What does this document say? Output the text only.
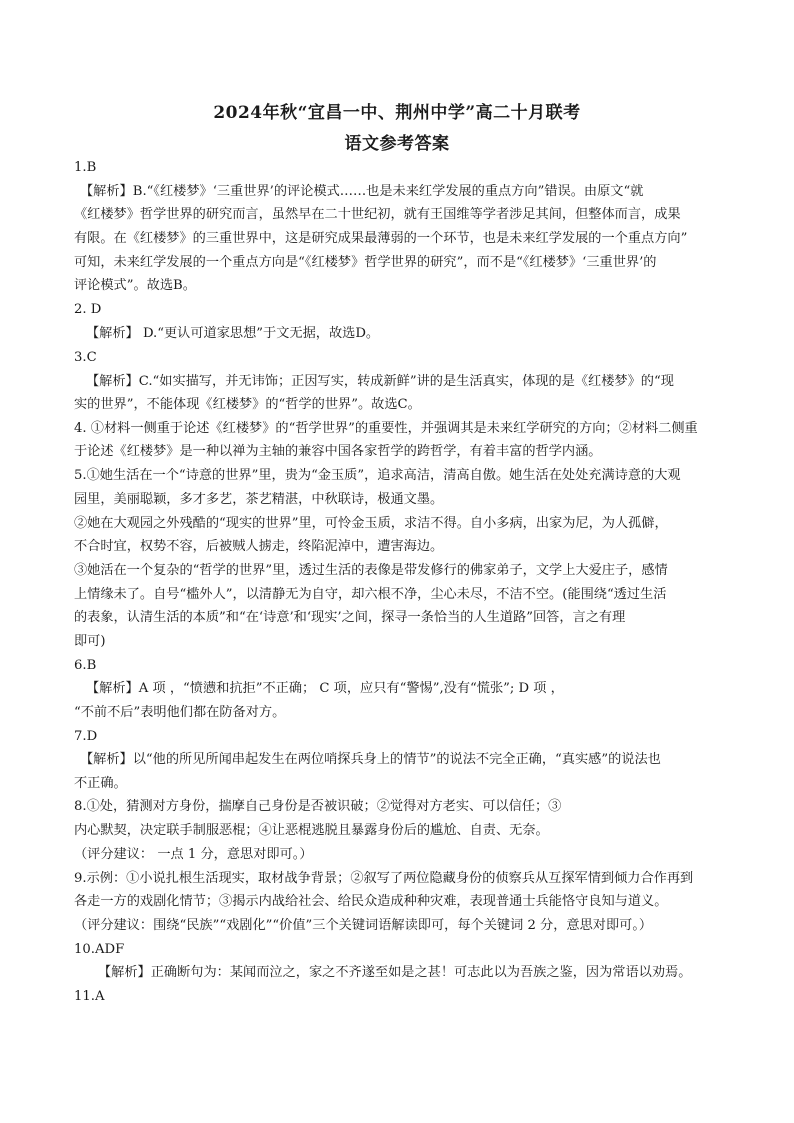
2024年秋“宜昌一中、荆州中学”高二十月联考
语文参考答案
1.B
【解析】B.“《红楼梦》‘三重世界’的评论模式……也是未来红学发展的重点方向”错误。由原文“就
《红楼梦》哲学世界的研究而言，虽然早在二十世纪初，就有王国维等学者涉足其间，但整体而言，成果
有限。在《红楼梦》的三重世界中，这是研究成果最薄弱的一个环节，也是未来红学发展的一个重点方向”
可知，未来红学发展的一个重点方向是“《红楼梦》哲学世界的研究”，而不是“《红楼梦》‘三重世界’的
评论模式”。故选B。
2. D
【解析】 D.“更认可道家思想”于文无据，故选D。
3.C
【解析】C.“如实描写，并无讳饰；正因写实，转成新鲜”讲的是生活真实，体现的是《红楼梦》的“现
实的世界”，不能体现《红楼梦》的“哲学的世界”。故选C。
4. ①材料一侧重于论述《红楼梦》的“哲学世界”的重要性，并强调其是未来红学研究的方向；②材料二侧重
于论述《红楼梦》是一种以禅为主轴的兼容中国各家哲学的跨哲学，有着丰富的哲学内涵。
5.①她生活在一个“诗意的世界”里，贵为“金玉质”，追求高洁，清高自傲。她生活在处处充满诗意的大观
园里，美丽聪颖，多才多艺，茶艺精湛，中秋联诗，极通文墨。
②她在大观园之外残酷的“现实的世界”里，可怜金玉质，求洁不得。自小多病，出家为尼，为人孤僻，
不合时宜，权势不容，后被贼人掳走，终陷泥淖中，遭害海边。
③她活在一个复杂的“哲学的世界”里，透过生活的表像是带发修行的佛家弟子，文学上大爱庄子，感情
上情缘未了。自号“槛外人”，以清静无为自守，却六根不净，尘心未尽，不洁不空。(能围绕“透过生活
的表象，认清生活的本质”和“在‘诗意’和‘现实’之间，探寻一条恰当的人生道路”回答，言之有理
即可)
6.B
【解析】A 项 ，“愤懑和抗拒”不正确； C 项，应只有“警惕”,没有“慌张”; D 项 ，
“不前不后”表明他们都在防备对方。
7.D
【解析】以“他的所见所闻串起发生在两位哨探兵身上的情节”的说法不完全正确，“真实感”的说法也
不正确。
8.①处，猜测对方身份，揣摩自己身份是否被识破；②觉得对方老实、可以信任；③
内心默契，决定联手制服恶棍；④让恶棍逃脱且暴露身份后的尴尬、自责、无奈。
（评分建议： 一点 1 分，意思对即可。）
9.示例：①小说扎根生活现实，取材战争背景；②叙写了两位隐藏身份的侦察兵从互探军情到倾力合作再到
各走一方的戏剧化情节；③揭示内战给社会、给民众造成种种灾难，表现普通士兵能恪守良知与道义。
（评分建议：围绕“民族”“戏剧化”“价值”三个关键词语解读即可，每个关键词 2 分，意思对即可。）
10.ADF
【解析】正确断句为：某闻而泣之，家之不齐遂至如是之甚！可志此以为吾族之鉴，因为常语以劝焉。
11.A
